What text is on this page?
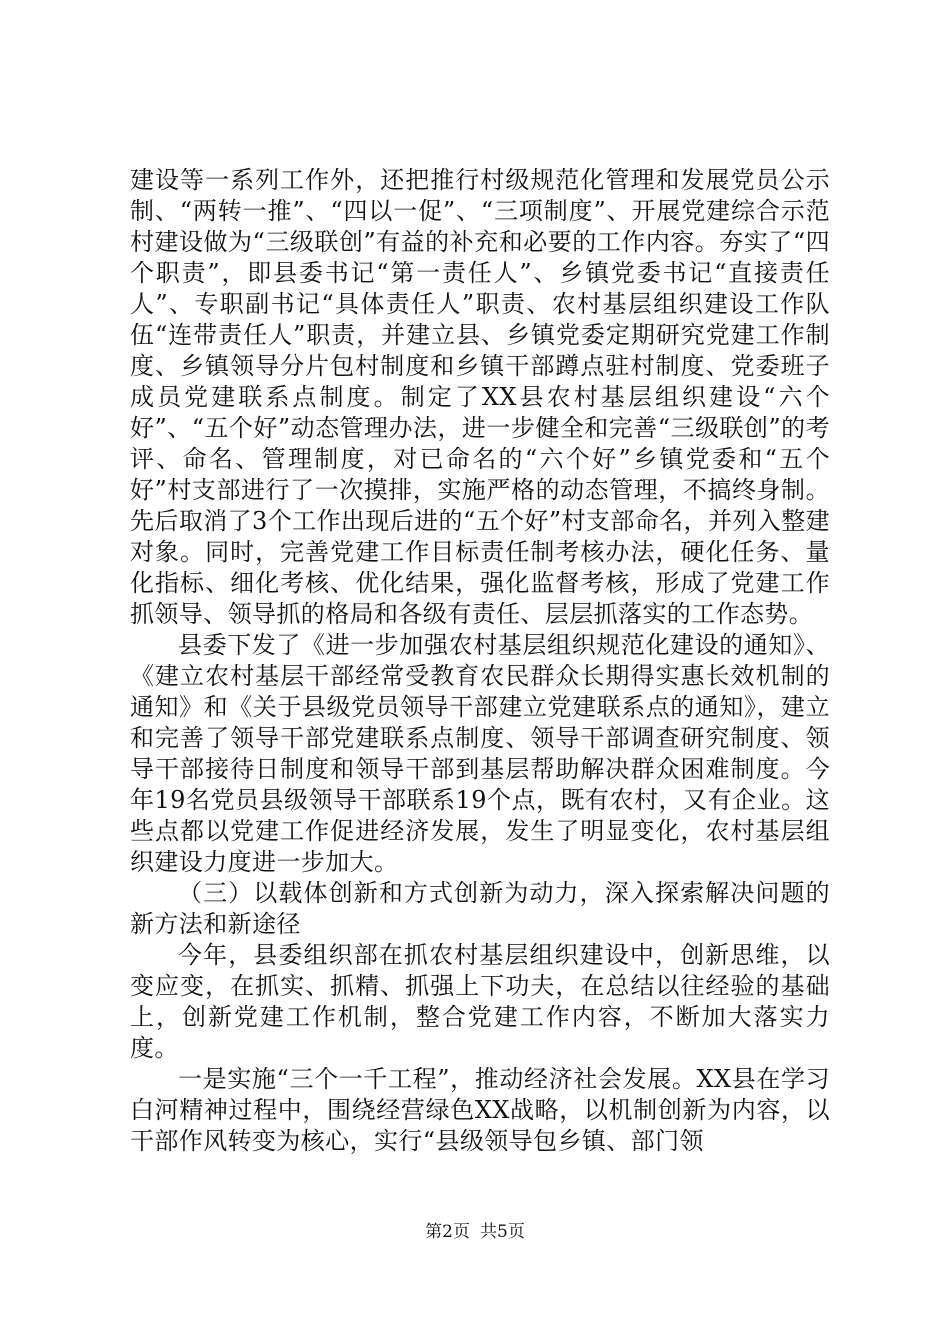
建设等一系列工作外，还把推行村级规范化管理和发展党员公示制、“两转一推”、“四以一促”、“三项制度”、开展党建综合示范村建设做为“三级联创”有益的补充和必要的工作内容。夯实了“四个职责”，即县委书记“第一责任人”、乡镇党委书记“直接责任人”、专职副书记“具体责任人”职责、农村基层组织建设工作队伍“连带责任人”职责，并建立县、乡镇党委定期研究党建工作制度、乡镇领导分片包村制度和乡镇干部蹲点驻村制度、党委班子成员党建联系点制度。制定了XX县农村基层组织建设“六个好”、“五个好”动态管理办法，进一步健全和完善“三级联创”的考评、命名、管理制度，对已命名的“六个好”乡镇党委和“五个好”村支部进行了一次摸排，实施严格的动态管理，不搞终身制。先后取消了3个工作出现后进的“五个好”村支部命名，并列入整建对象。同时，完善党建工作目标责任制考核办法，硬化任务、量化指标、细化考核、优化结果，强化监督考核，形成了党建工作抓领导、领导抓的格局和各级有责任、层层抓落实的工作态势。

县委下发了《进一步加强农村基层组织规范化建设的通知》、《建立农村基层干部经常受教育农民群众长期得实惠长效机制的通知》和《关于县级党员领导干部建立党建联系点的通知》，建立和完善了领导干部党建联系点制度、领导干部调查研究制度、领导干部接待日制度和领导干部到基层帮助解决群众困难制度。今年19名党员县级领导干部联系19个点，既有农村，又有企业。这些点都以党建工作促进经济发展，发生了明显变化，农村基层组织建设力度进一步加大。

（三）以载体创新和方式创新为动力，深入探索解决问题的新方法和新途径

今年，县委组织部在抓农村基层组织建设中，创新思维，以变应变，在抓实、抓精、抓强上下功夫，在总结以往经验的基础上，创新党建工作机制，整合党建工作内容，不断加大落实力度。

一是实施“三个一千工程”，推动经济社会发展。XX县在学习白河精神过程中，围绕经营绿色XX战略，以机制创新为内容，以干部作风转变为核心，实行“县级领导包乡镇、部门领

第2页 共5页
